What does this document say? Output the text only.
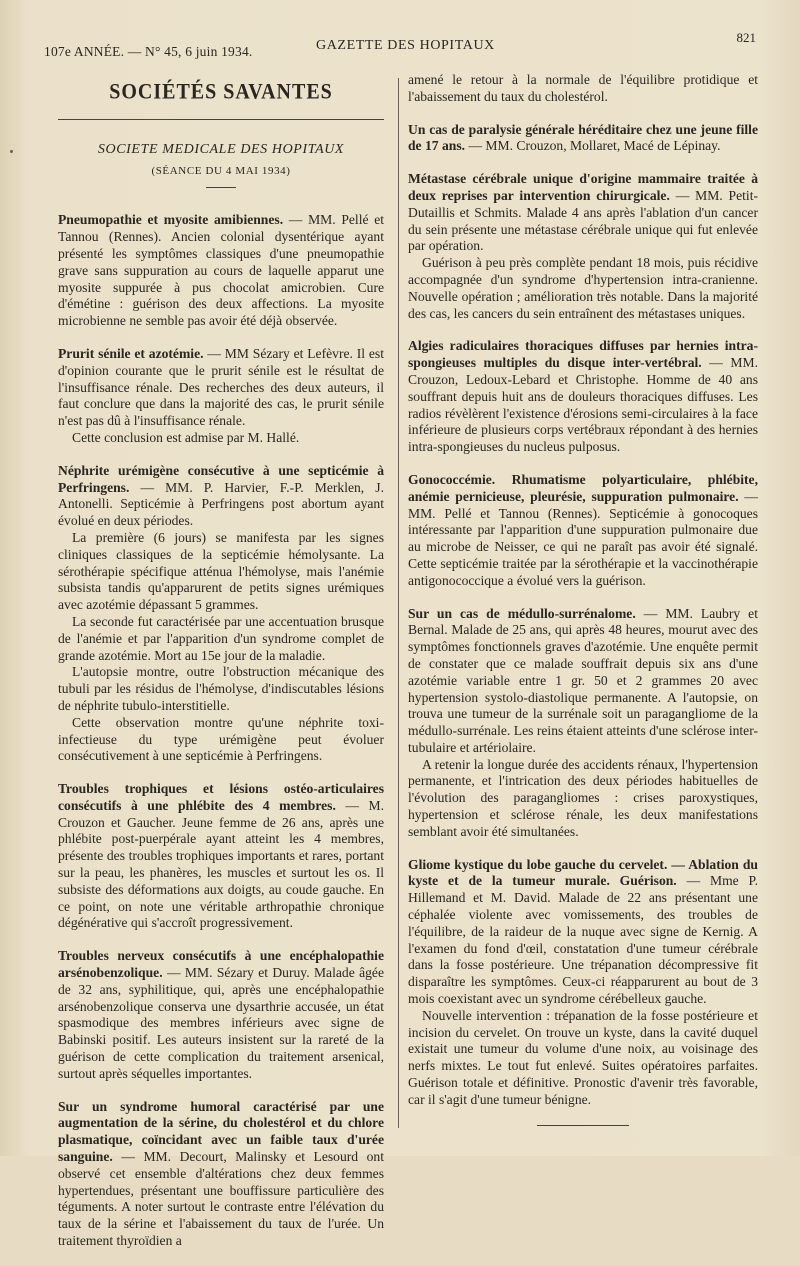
107e ANNÉE. — N° 45, 6 juin 1934.	GAZETTE DES HOPITAUX
821
SOCIÉTÉS SAVANTES
SOCIETE MEDICALE DES HOPITAUX
(SÉANCE DU 4 MAI 1934)

Pneumopathie et myosite amibiennes. — MM. Pellé et Tannou (Rennes). Ancien colonial dysentérique ayant présenté les symptômes classiques d'une pneumopathie grave sans suppuration au cours de laquelle apparut une myosite suppurée à pus chocolat amicrobien. Cure d'émétine : guérison des deux affections. La myosite microbienne ne semble pas avoir été déjà observée.

Prurit sénile et azotémie. — MM Sézary et Lefèvre. Il est d'opinion courante que le prurit sénile est le résultat de l'insuffisance rénale. Des recherches des deux auteurs, il faut conclure que dans la majorité des cas, le prurit sénile n'est pas dû à l'insuffisance rénale.

Cette conclusion est admise par M. Hallé.

Néphrite urémigène consécutive à une septicémie à Perfringens. — MM. P. Harvier, F.-P. Merklen, J. Antonelli. Septicémie à Perfringens post abortum ayant évolué en deux périodes.

La première (6 jours) se manifesta par les signes cliniques classiques de la septicémie hémolysante. La sérothérapie spécifique atténua l'hémolyse, mais l'anémie subsista tandis qu'apparurent de petits signes urémiques avec azotémie dépassant 5 grammes.

La seconde fut caractérisée par une accentuation brusque de l'anémie et par l'apparition d'un syndrome complet de grande azotémie. Mort au 15e jour de la maladie.

L'autopsie montre, outre l'obstruction mécanique des tubuli par les résidus de l'hémolyse, d'indiscutables lésions de néphrite tubulo-interstitielle.

Cette observation montre qu'une néphrite toxi-infectieuse du type urémigène peut évoluer consécutivement à une septicémie à Perfringens.

Troubles trophiques et lésions ostéo-articulaires consécutifs à une phlébite des 4 membres. — M. Crouzon et Gaucher. Jeune femme de 26 ans, après une phlébite post-puerpérale ayant atteint les 4 membres, présente des troubles trophiques importants et rares, portant sur la peau, les phanères, les muscles et surtout les os. Il subsiste des déformations aux doigts, au coude gauche. En ce point, on note une véritable arthropathie chronique dégénérative qui s'accroît progressivement.

Troubles nerveux consécutifs à une encéphalopathie arsénobenzolique. — MM. Sézary et Duruy. Malade âgée de 32 ans, syphilitique, qui, après une encéphalopathie arsénobenzolique conserva une dysarthrie accusée, un état spasmodique des membres inférieurs avec signe de Babinski positif. Les auteurs insistent sur la rareté de la guérison de cette complication du traitement arsenical, surtout après séquelles importantes.

Sur un syndrome humoral caractérisé par une augmentation de la sérine, du cholestérol et du chlore plasmatique, coïncidant avec un faible taux d'urée sanguine. — MM. Decourt, Malinsky et Lesourd ont observé cet ensemble d'altérations chez deux femmes hypertendues, présentant une bouffissure particulière des téguments. A noter surtout le contraste entre l'élévation du taux de la sérine et l'abaissement du taux de l'urée. Un traitement thyroïdien a

amené le retour à la normale de l'équilibre protidique et l'abaissement du taux du cholestérol.

Un cas de paralysie générale héréditaire chez une jeune fille de 17 ans. — MM. Crouzon, Mollaret, Macé de Lépinay.

Métastase cérébrale unique d'origine mammaire traitée à deux reprises par intervention chirurgicale. — MM. Petit-Dutaillis et Schmits. Malade 4 ans après l'ablation d'un cancer du sein présente une métastase cérébrale unique qui fut enlevée par opération.

Guérison à peu près complète pendant 18 mois, puis récidive accompagnée d'un syndrome d'hypertension intra-cranienne. Nouvelle opération ; amélioration très notable. Dans la majorité des cas, les cancers du sein entraînent des métastases uniques.

Algies radiculaires thoraciques diffuses par hernies intra-spongieuses multiples du disque inter-vertébral. — MM. Crouzon, Ledoux-Lebard et Christophe. Homme de 40 ans souffrant depuis huit ans de douleurs thoraciques diffuses. Les radios révèlèrent l'existence d'érosions semi-circulaires à la face inférieure de plusieurs corps vertébraux répondant à des hernies intra-spongieuses du nucleus pulposus.

Gonococcémie. Rhumatisme polyarticulaire, phlébite, anémie pernicieuse, pleurésie, suppuration pulmonaire. — MM. Pellé et Tannou (Rennes). Septicémie à gonocoques intéressante par l'apparition d'une suppuration pulmonaire due au microbe de Neisser, ce qui ne paraît pas avoir été signalé. Cette septicémie traitée par la sérothérapie et la vaccinothérapie antigonococcique a évolué vers la guérison.

Sur un cas de médullo-surrénalome. — MM. Laubry et Bernal. Malade de 25 ans, qui après 48 heures, mourut avec des symptômes fonctionnels graves d'azotémie. Une enquête permit de constater que ce malade souffrait depuis six ans d'une azotémie variable entre 1 gr. 50 et 2 grammes 20 avec hypertension systolo-diastolique permanente. A l'autopsie, on trouva une tumeur de la surrénale soit un paragangliome de la médullo-surrénale. Les reins étaient atteints d'une sclérose inter-tubulaire et artériolaire.

A retenir la longue durée des accidents rénaux, l'hypertension permanente, et l'intrication des deux périodes habituelles de l'évolution des paragangliomes : crises paroxystiques, hypertension et sclérose rénale, les deux manifestations semblant avoir été simultanées.

Gliome kystique du lobe gauche du cervelet. — Ablation du kyste et de la tumeur murale. Guérison. — Mme P. Hillemand et M. David. Malade de 22 ans présentant une céphalée violente avec vomissements, des troubles de l'équilibre, de la raideur de la nuque avec signe de Kernig. A l'examen du fond d'œil, constatation d'une tumeur cérébrale dans la fosse postérieure. Une trépanation décompressive fit disparaître les symptômes. Ceux-ci réapparurent au bout de 3 mois coexistant avec un syndrome cérébelleux gauche.

Nouvelle intervention : trépanation de la fosse postérieure et incision du cervelet. On trouve un kyste, dans la cavité duquel existait une tumeur du volume d'une noix, au voisinage des nerfs mixtes. Le tout fut enlevé. Suites opératoires parfaites. Guérison totale et définitive. Pronostic d'avenir très favorable, car il s'agit d'une tumeur bénigne.
